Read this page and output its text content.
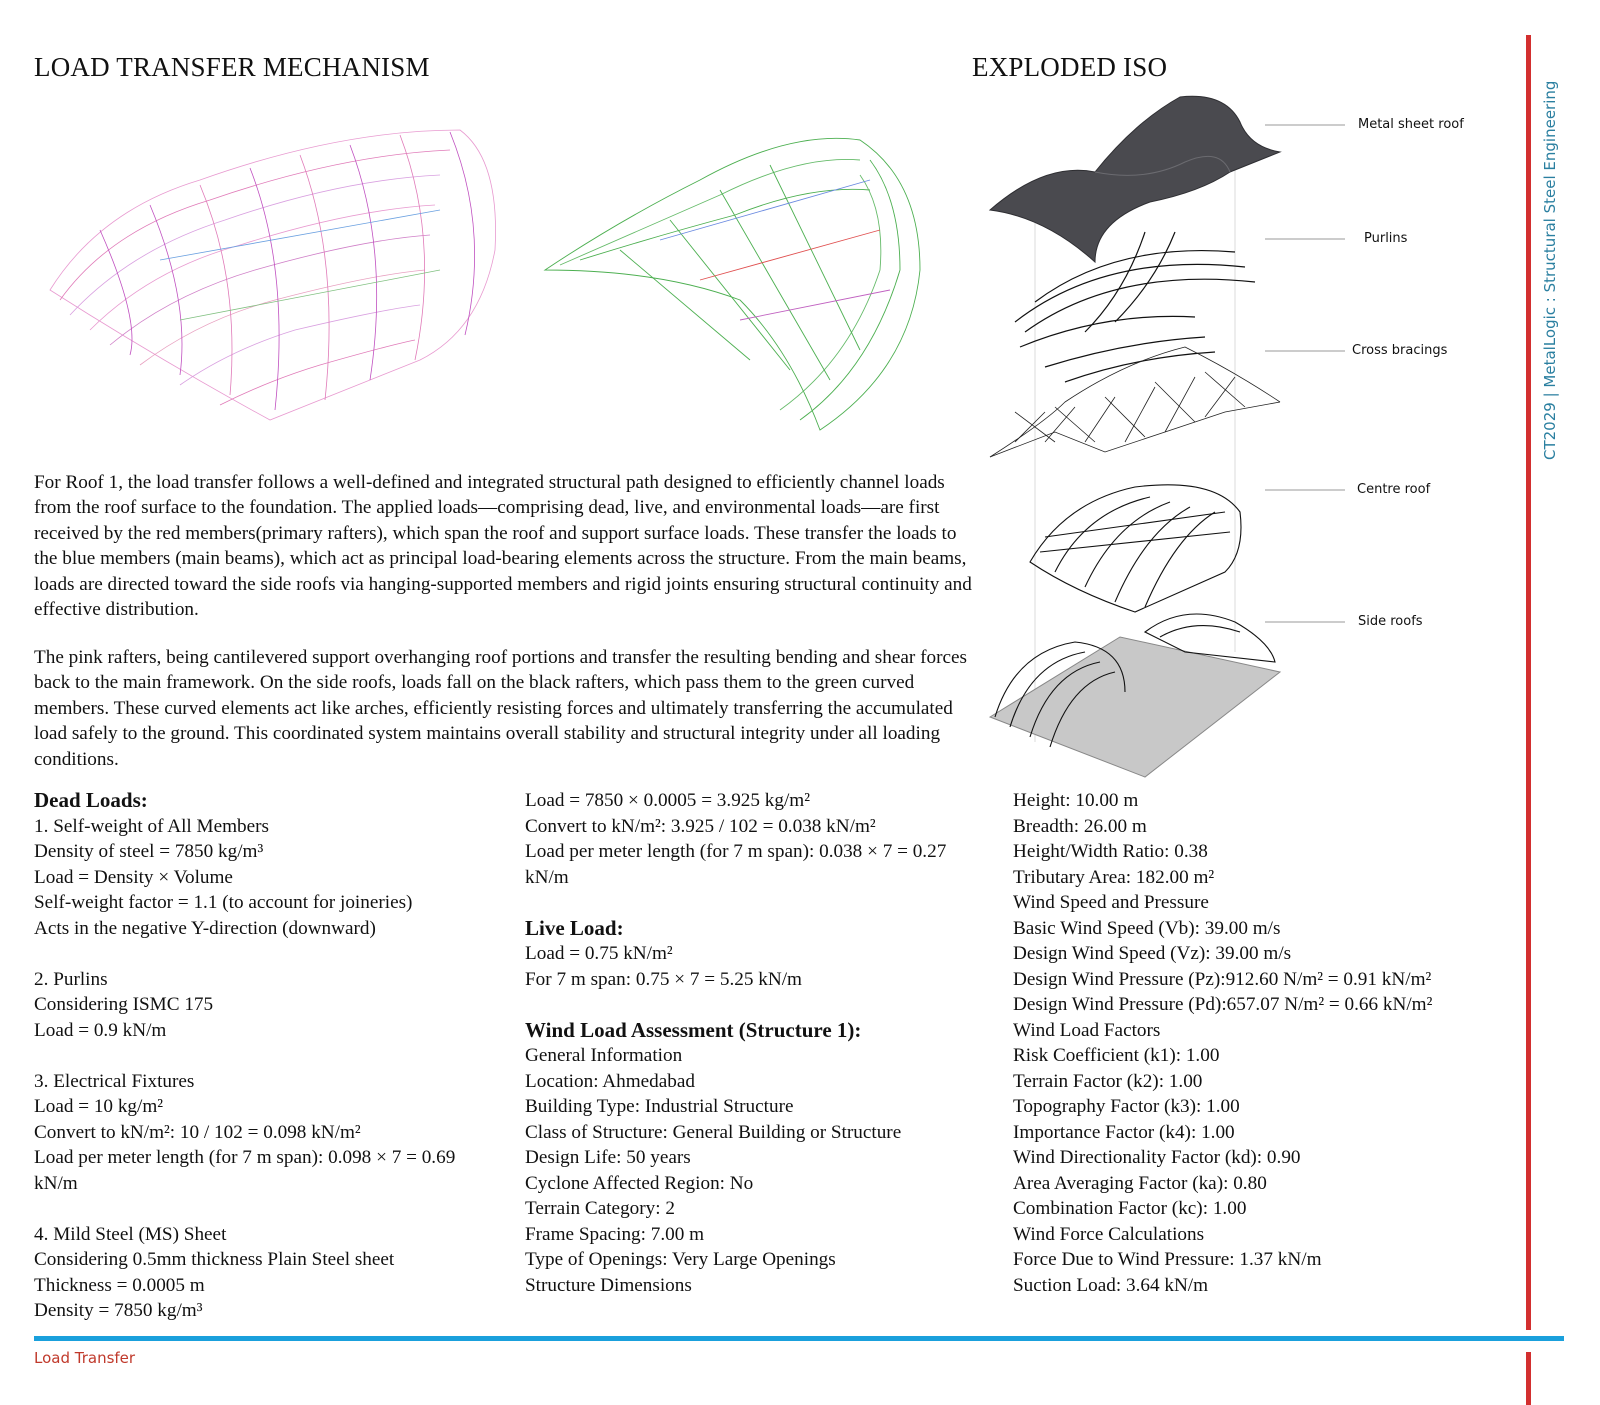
LOAD TRANSFER MECHANISM	EXPLODED ISO
Metal sheet roof
Purlins
Cross bracings
Centre roof
Side roofs
For Roof 1, the load transfer follows a well-defined and integrated structural path designed to efficiently channel loads from the roof surface to the foundation. The applied loads—comprising dead, live, and environmental loads—are first received by the red members(primary rafters), which span the roof and support surface loads. These transfer the loads to the blue members (main beams), which act as principal load-bearing elements across the structure. From the main beams, loads are directed toward the side roofs via hanging-supported members and rigid joints ensuring structural continuity and effective distribution.
The pink rafters, being cantilevered support overhanging roof portions and transfer the resulting bending and shear forces back to the main framework. On the side roofs, loads fall on the black rafters, which pass them to the green curved members. These curved elements act like arches, efficiently resisting forces and ultimately transferring the accumulated load safely to the ground. This coordinated system maintains overall stability and structural integrity under all loading conditions.
Dead Loads:
1. Self-weight of All Members
Density of steel = 7850 kg/m³
Load = Density × Volume
Self-weight factor = 1.1 (to account for joineries)
Acts in the negative Y-direction (downward)
2. Purlins
Considering ISMC 175
Load = 0.9 kN/m
3. Electrical Fixtures
Load = 10 kg/m²
Convert to kN/m²: 10 / 102 = 0.098 kN/m²
Load per meter length (for 7 m span): 0.098 × 7 = 0.69
kN/m
4. Mild Steel (MS) Sheet
Considering 0.5mm thickness Plain Steel sheet
Thickness = 0.0005 m
Density = 7850 kg/m³
Load = 7850 × 0.0005 = 3.925 kg/m²
Convert to kN/m²: 3.925 / 102 = 0.038 kN/m²
Load per meter length (for 7 m span): 0.038 × 7 = 0.27
kN/m
Live Load:
Load = 0.75 kN/m²
For 7 m span: 0.75 × 7 = 5.25 kN/m
Wind Load Assessment (Structure 1):
General Information
Location: Ahmedabad
Building Type: Industrial Structure
Class of Structure: General Building or Structure
Design Life: 50 years
Cyclone Affected Region: No
Terrain Category: 2
Frame Spacing: 7.00 m
Type of Openings: Very Large Openings
Structure Dimensions
Height: 10.00 m
Breadth: 26.00 m
Height/Width Ratio: 0.38
Tributary Area: 182.00 m²
Wind Speed and Pressure
Basic Wind Speed (Vb): 39.00 m/s
Design Wind Speed (Vz): 39.00 m/s
Design Wind Pressure (Pz):912.60 N/m² = 0.91 kN/m²
Design Wind Pressure (Pd):657.07 N/m² = 0.66 kN/m²
Wind Load Factors
Risk Coefficient (k1): 1.00
Terrain Factor (k2): 1.00
Topography Factor (k3): 1.00
Importance Factor (k4): 1.00
Wind Directionality Factor (kd): 0.90
Area Averaging Factor (ka): 0.80
Combination Factor (kc): 1.00
Wind Force Calculations
Force Due to Wind Pressure: 1.37 kN/m
Suction Load: 3.64 kN/m
CT2029 | MetalLogic : Structural Steel Engineering
Load Transfer
